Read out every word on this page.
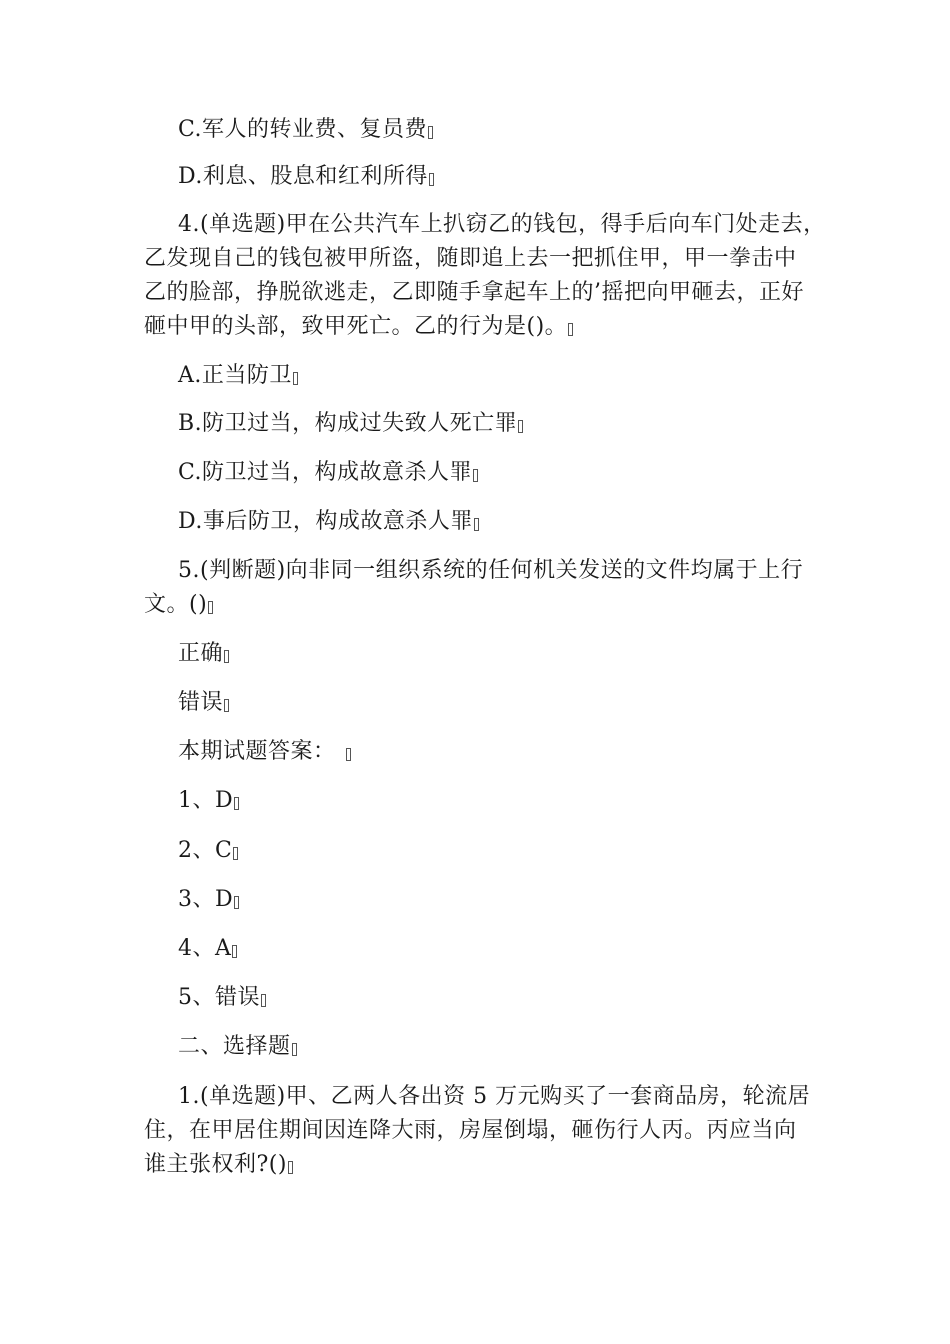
C.军人的转业费、复员费
D.利息、股息和红利所得
4.(单选题)甲在公共汽车上扒窃乙的钱包，得手后向车门处走去，
乙发现自己的钱包被甲所盗，随即追上去一把抓住甲，甲一拳击中
乙的脸部，挣脱欲逃走，乙即随手拿起车上的’摇把向甲砸去，正好
砸中甲的头部，致甲死亡。乙的行为是()。
A.正当防卫
B.防卫过当，构成过失致人死亡罪
C.防卫过当，构成故意杀人罪
D.事后防卫，构成故意杀人罪
5.(判断题)向非同一组织系统的任何机关发送的文件均属于上行
文。()
正确
错误
本期试题答案：
1、D
2、C
3、D
4、A
5、错误
二、选择题
1.(单选题)甲、乙两人各出资 5 万元购买了一套商品房，轮流居
住，在甲居住期间因连降大雨，房屋倒塌，砸伤行人丙。丙应当向
谁主张权利?()
